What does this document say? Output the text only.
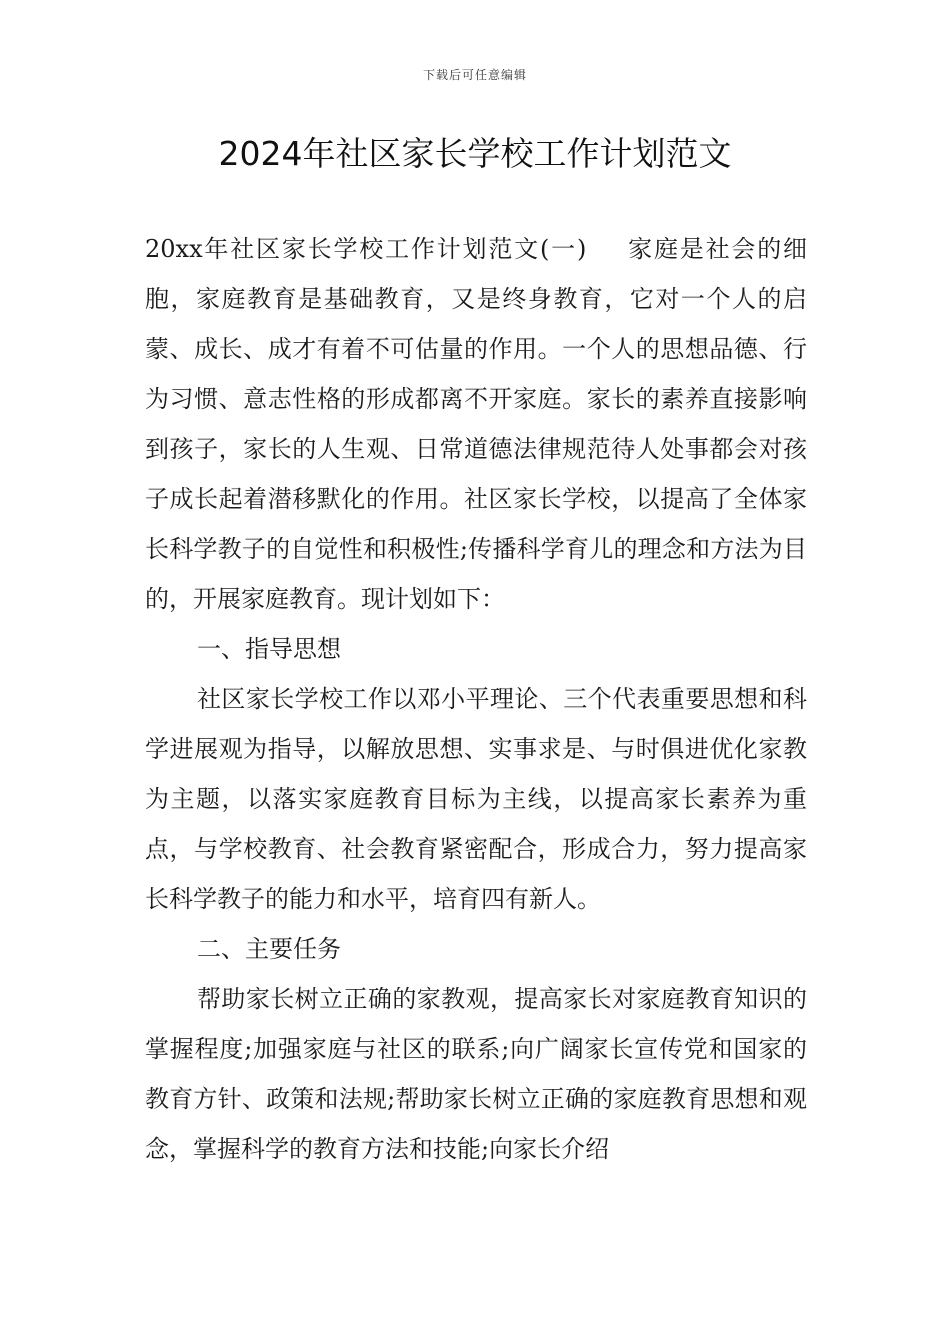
下载后可任意编辑
2024年社区家长学校工作计划范文

20xx年社区家长学校工作计划范文(一) 家庭是社会的细胞，家庭教育是基础教育，又是终身教育，它对一个人的启蒙、成长、成才有着不可估量的作用。一个人的思想品德、行为习惯、意志性格的形成都离不开家庭。家长的素养直接影响到孩子，家长的人生观、日常道德法律规范待人处事都会对孩子成长起着潜移默化的作用。社区家长学校，以提高了全体家长科学教子的自觉性和积极性;传播科学育儿的理念和方法为目的，开展家庭教育。现计划如下：

一、指导思想

社区家长学校工作以邓小平理论、三个代表重要思想和科学进展观为指导，以解放思想、实事求是、与时俱进优化家教为主题，以落实家庭教育目标为主线，以提高家长素养为重点，与学校教育、社会教育紧密配合，形成合力，努力提高家长科学教子的能力和水平，培育四有新人。

二、主要任务

帮助家长树立正确的家教观，提高家长对家庭教育知识的掌握程度;加强家庭与社区的联系;向广阔家长宣传党和国家的教育方针、政策和法规;帮助家长树立正确的家庭教育思想和观念，掌握科学的教育方法和技能;向家长介绍
